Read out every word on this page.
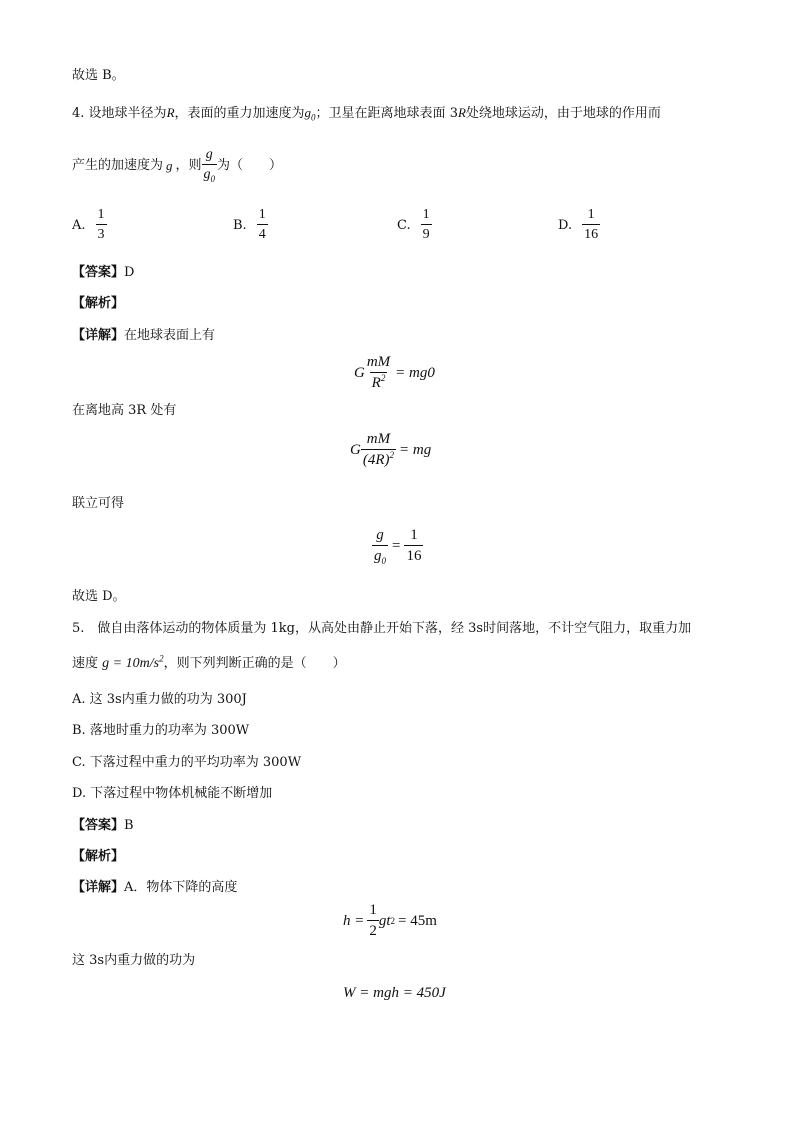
故选 B。
4. 设地球半径为R，表面的重力加速度为$g_0$；卫星在距离地球表面 3R处绕地球运动，由于地球的作用而
产生的加速度为 g ，则 $\frac{g}{g_0}$ 为（　　）
A. $\frac{1}{3}$	B. $\frac{1}{4}$	C. $\frac{1}{9}$	D. $\frac{1}{16}$
【答案】D
【解析】
【详解】在地球表面上有
G $\frac{mM}{R^2}$ = mg 0
在离地高 3R 处有
G $\frac{mM}{(4R)^2}$ = mg
联立可得
$\frac{g}{g_0} = \frac{1}{16}$
故选 D。
5.　做自由落体运动的物体质量为 1kg，从高处由静止开始下落，经 3s时间落地，不计空气阻力，取重力加
速度 $g = 10m/s^2$，则下列判断正确的是（　　）
A. 这 3s内重力做的功为 300J
B. 落地时重力的功率为 300W
C. 下落过程中重力的平均功率为 300W
D. 下落过程中物体机械能不断增加
【答案】B
【解析】
【详解】A．物体下降的高度
$h = \frac{1}{2}$ gt 2 = 45m
这 3s内重力做的功为
W = mgh = 450J
